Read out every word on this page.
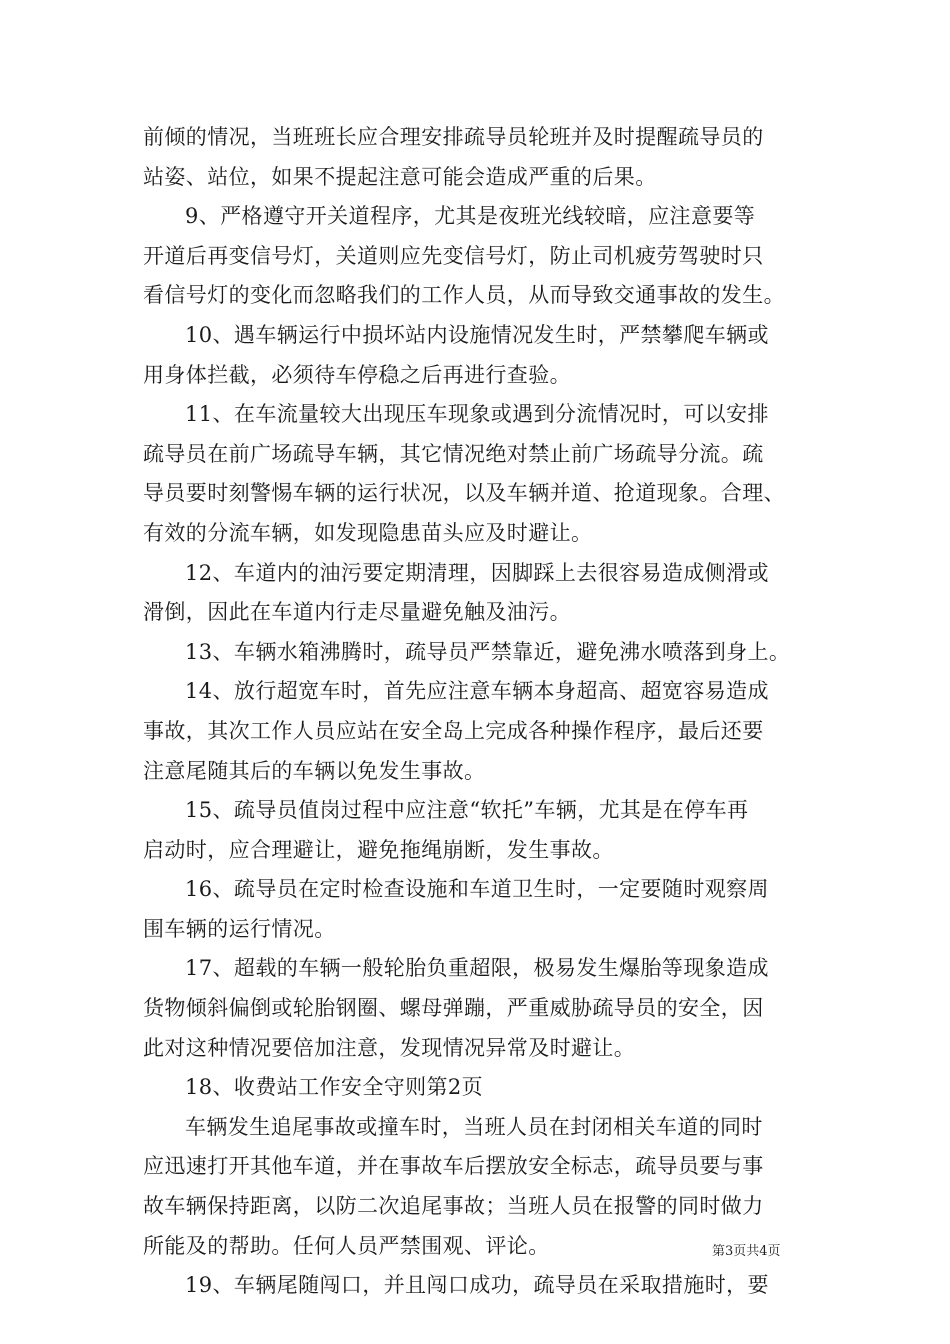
前倾的情况，当班班长应合理安排疏导员轮班并及时提醒疏导员的
站姿、站位，如果不提起注意可能会造成严重的后果。
9、严格遵守开关道程序，尤其是夜班光线较暗，应注意要等
开道后再变信号灯，关道则应先变信号灯，防止司机疲劳驾驶时只
看信号灯的变化而忽略我们的工作人员，从而导致交通事故的发生。
10、遇车辆运行中损坏站内设施情况发生时，严禁攀爬车辆或
用身体拦截，必须待车停稳之后再进行查验。
11、在车流量较大出现压车现象或遇到分流情况时，可以安排
疏导员在前广场疏导车辆，其它情况绝对禁止前广场疏导分流。疏
导员要时刻警惕车辆的运行状况，以及车辆并道、抢道现象。合理、
有效的分流车辆，如发现隐患苗头应及时避让。
12、车道内的油污要定期清理，因脚踩上去很容易造成侧滑或
滑倒，因此在车道内行走尽量避免触及油污。
13、车辆水箱沸腾时，疏导员严禁靠近，避免沸水喷落到身上。
14、放行超宽车时，首先应注意车辆本身超高、超宽容易造成
事故，其次工作人员应站在安全岛上完成各种操作程序，最后还要
注意尾随其后的车辆以免发生事故。
15、疏导员值岗过程中应注意“软托”车辆，尤其是在停车再
启动时，应合理避让，避免拖绳崩断，发生事故。
16、疏导员在定时检查设施和车道卫生时，一定要随时观察周
围车辆的运行情况。
17、超载的车辆一般轮胎负重超限，极易发生爆胎等现象造成
货物倾斜偏倒或轮胎钢圈、螺母弹蹦，严重威胁疏导员的安全，因
此对这种情况要倍加注意，发现情况异常及时避让。
18、收费站工作安全守则第2页
车辆发生追尾事故或撞车时，当班人员在封闭相关车道的同时
应迅速打开其他车道，并在事故车后摆放安全标志，疏导员要与事
故车辆保持距离，以防二次追尾事故；当班人员在报警的同时做力
所能及的帮助。任何人员严禁围观、评论。
19、车辆尾随闯口，并且闯口成功，疏导员在采取措施时，要
第3页共4页
